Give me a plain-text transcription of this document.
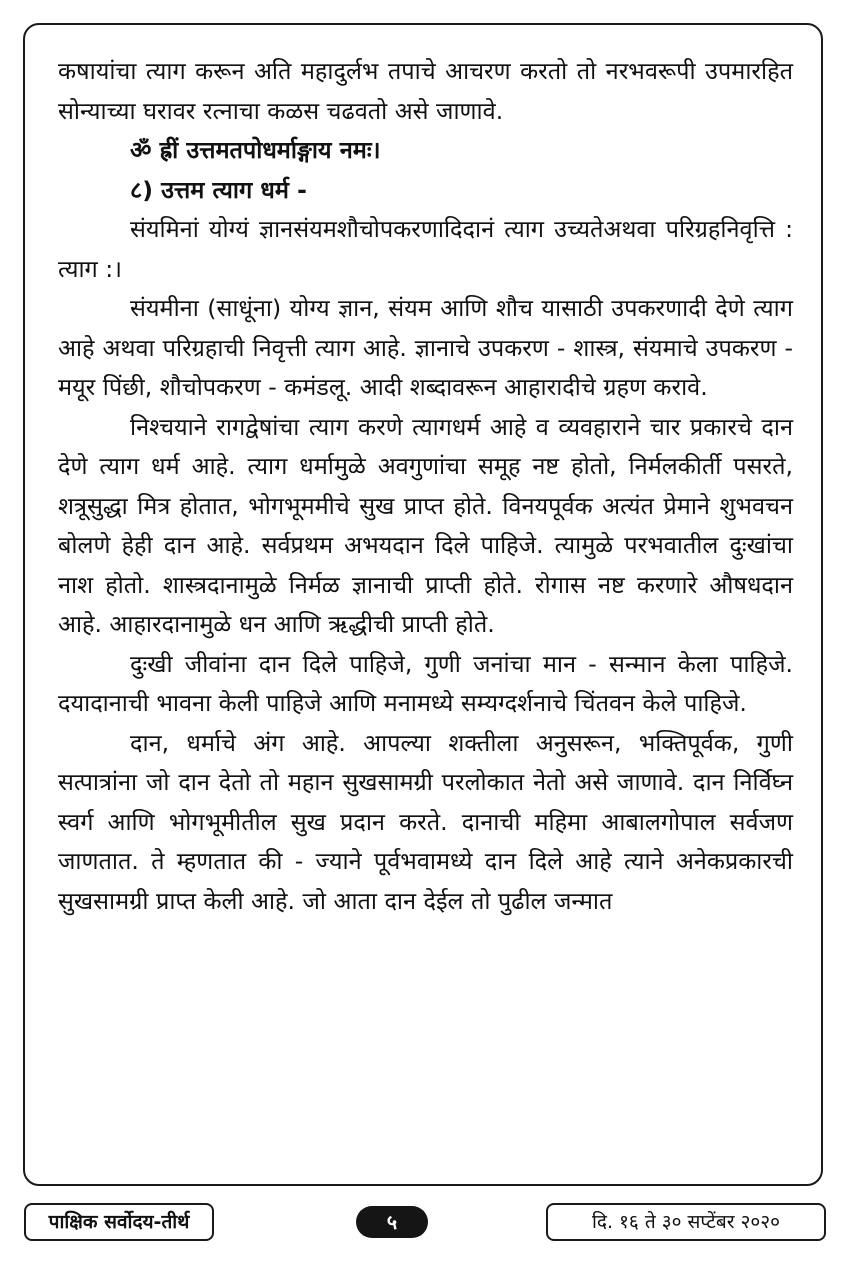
कषायांचा त्याग करून अति महादुर्लभ तपाचे आचरण करतो तो नरभवरूपी उपमारहित सोन्याच्या घरावर रत्नाचा कळस चढवतो असे जाणावे.

ॐ ह्रीं उत्तमतपोधर्माङ्गाय नमः।

८) उत्तम त्याग धर्म -

संयमिनां योग्यं ज्ञानसंयमशौचोपकरणादिदानं त्याग उच्यतेअथवा परिग्रहनिवृत्ति : त्याग :।

संयमीना (साधूंना) योग्य ज्ञान, संयम आणि शौच यासाठी उपकरणादी देणे त्याग आहे अथवा परिग्रहाची निवृत्ती त्याग आहे. ज्ञानाचे उपकरण - शास्त्र, संयमाचे उपकरण - मयूर पिंछी, शौचोपकरण - कमंडलू. आदी शब्दावरून आहारादीचे ग्रहण करावे.

निश्चयाने रागद्वेषांचा त्याग करणे त्यागधर्म आहे व व्यवहाराने चार प्रकारचे दान देणे त्याग धर्म आहे. त्याग धर्मामुळे अवगुणांचा समूह नष्ट होतो, निर्मलकीर्ती पसरते, शत्रूसुद्धा मित्र होतात, भोगभूममीचे सुख प्राप्त होते. विनयपूर्वक अत्यंत प्रेमाने शुभवचन बोलणे हेही दान आहे. सर्वप्रथम अभयदान दिले पाहिजे. त्यामुळे परभवातील दुःखांचा नाश होतो. शास्त्रदानामुळे निर्मळ ज्ञानाची प्राप्ती होते. रोगास नष्ट करणारे औषधदान आहे. आहारदानामुळे धन आणि ऋद्धीची प्राप्ती होते.

दुःखी जीवांना दान दिले पाहिजे, गुणी जनांचा मान - सन्मान केला पाहिजे. दयादानाची भावना केली पाहिजे आणि मनामध्ये सम्यग्दर्शनाचे चिंतवन केले पाहिजे.

दान, धर्माचे अंग आहे. आपल्या शक्तीला अनुसरून, भक्तिपूर्वक, गुणी सत्पात्रांना जो दान देतो तो महान सुखसामग्री परलोकात नेतो असे जाणावे. दान निर्विघ्न स्वर्ग आणि भोगभूमीतील सुख प्रदान करते. दानाची महिमा आबालगोपाल सर्वजण जाणतात. ते म्हणतात की - ज्याने पूर्वभवामध्ये दान दिले आहे त्याने अनेकप्रकारची सुखसामग्री प्राप्त केली आहे. जो आता दान देईल तो पुढील जन्मात

पाक्षिक सर्वोदय-तीर्थ	५	दि. १६ ते ३० सप्टेंबर २०२०
